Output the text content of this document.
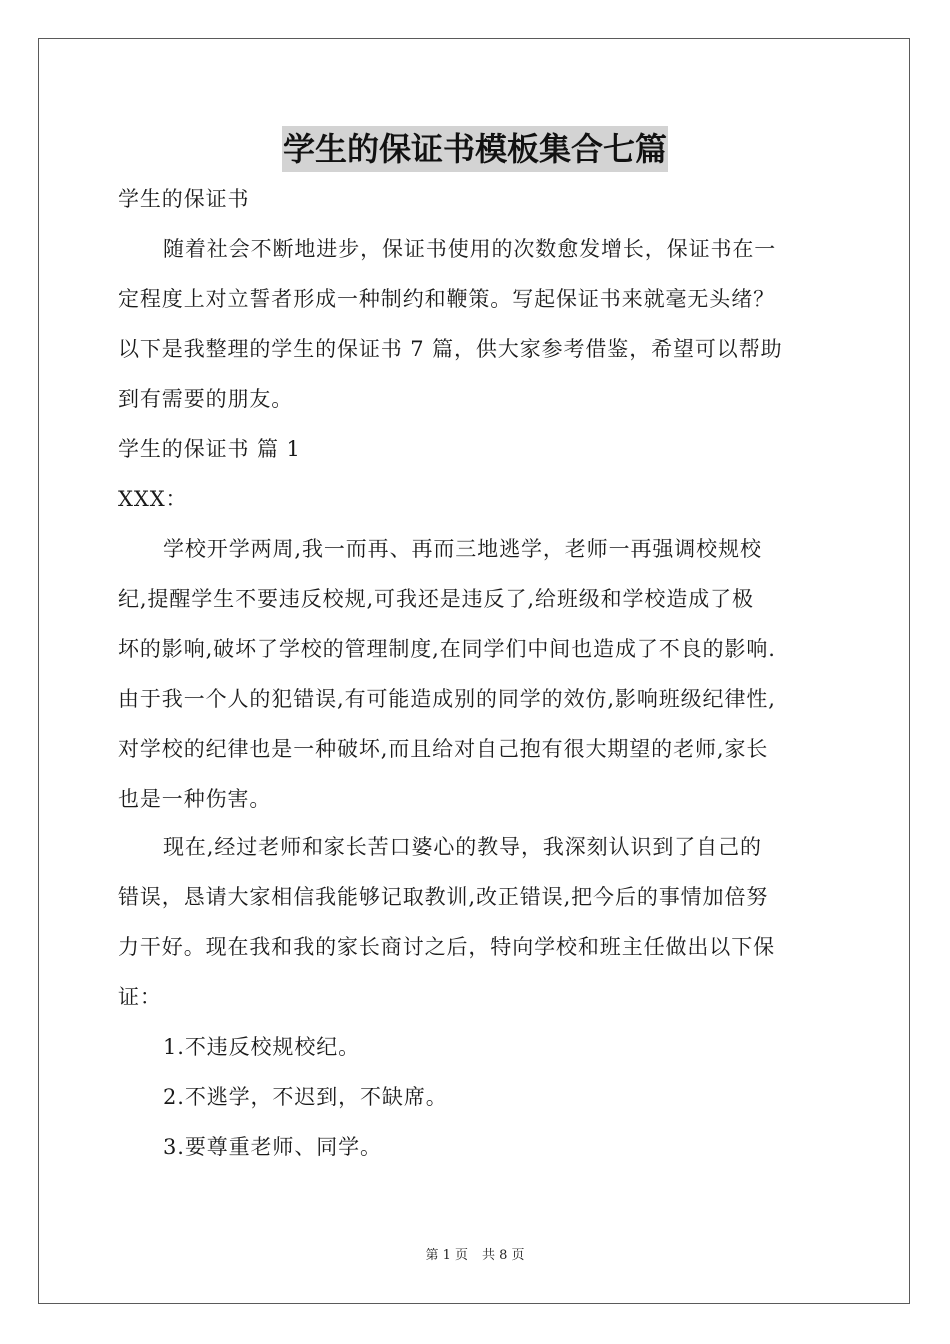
学生的保证书模板集合七篇

学生的保证书

随着社会不断地进步，保证书使用的次数愈发增长，保证书在一

定程度上对立誓者形成一种制约和鞭策。写起保证书来就毫无头绪？

以下是我整理的学生的保证书 7 篇，供大家参考借鉴，希望可以帮助

到有需要的朋友。

学生的保证书 篇 1

XXX：

学校开学两周,我一而再、再而三地逃学，老师一再强调校规校

纪,提醒学生不要违反校规,可我还是违反了,给班级和学校造成了极

坏的影响,破坏了学校的管理制度,在同学们中间也造成了不良的影响.

由于我一个人的犯错误,有可能造成别的同学的效仿,影响班级纪律性,

对学校的纪律也是一种破坏,而且给对自己抱有很大期望的老师,家长

也是一种伤害。

现在,经过老师和家长苦口婆心的教导，我深刻认识到了自己的

错误，恳请大家相信我能够记取教训,改正错误,把今后的事情加倍努

力干好。现在我和我的家长商讨之后，特向学校和班主任做出以下保

证：

1.不违反校规校纪。

2.不逃学，不迟到，不缺席。

3.要尊重老师、同学。

第 1 页 共 8 页
